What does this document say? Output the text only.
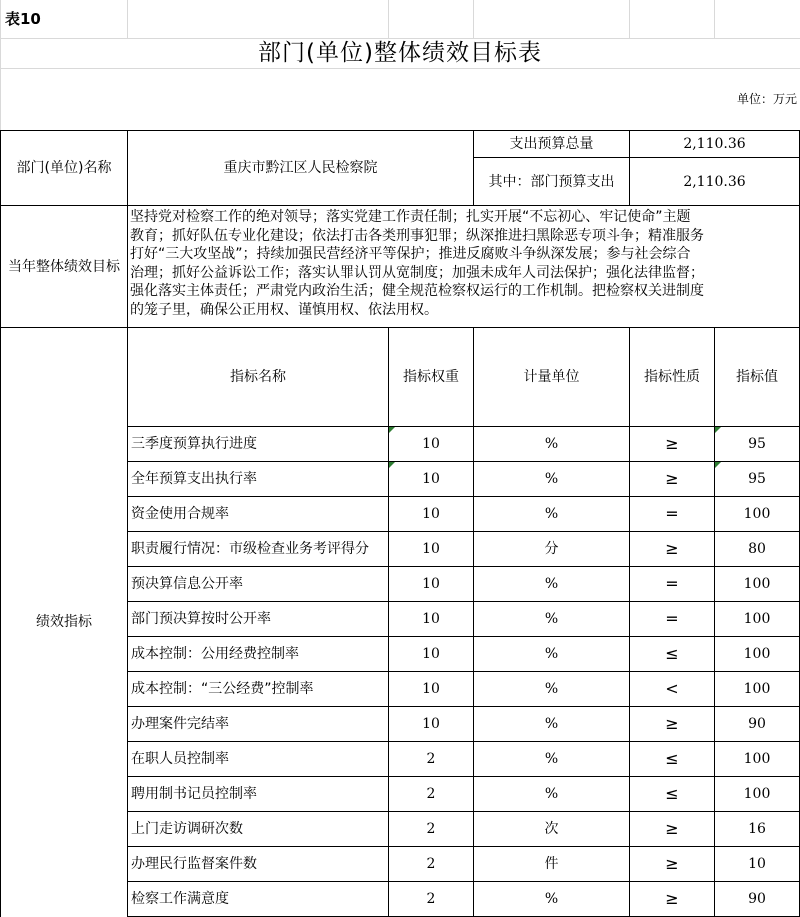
表10
部门(单位)整体绩效目标表
单位：万元
部门(单位)名称	重庆市黔江区人民检察院
支出预算总量	2,110.36
其中：部门预算支出	2,110.36
当年整体绩效目标
坚持党对检察工作的绝对领导；落实党建工作责任制；扎实开展“不忘初心、牢记使命”主题
教育；抓好队伍专业化建设；依法打击各类刑事犯罪；纵深推进扫黑除恶专项斗争；精准服务
打好“三大攻坚战”；持续加强民营经济平等保护；推进反腐败斗争纵深发展；参与社会综合
治理；抓好公益诉讼工作；落实认罪认罚从宽制度；加强未成年人司法保护；强化法律监督；
强化落实主体责任；严肃党内政治生活；健全规范检察权运行的工作机制。把检察权关进制度
的笼子里，确保公正用权、谨慎用权、依法用权。
绩效指标
指标名称	指标权重	计量单位	指标性质	指标值
三季度预算执行进度	10	%	≥	95
全年预算支出执行率	10	%	≥	95
资金使用合规率	10	%	=	100
职责履行情况：市级检查业务考评得分	10	分	≥	80
预决算信息公开率	10	%	=	100
部门预决算按时公开率	10	%	=	100
成本控制：公用经费控制率	10	%	≤	100
成本控制：“三公经费”控制率	10	%	<	100
办理案件完结率	10	%	≥	90
在职人员控制率	2	%	≤	100
聘用制书记员控制率	2	%	≤	100
上门走访调研次数	2	次	≥	16
办理民行监督案件数	2	件	≥	10
检察工作满意度	2	%	≥	90
